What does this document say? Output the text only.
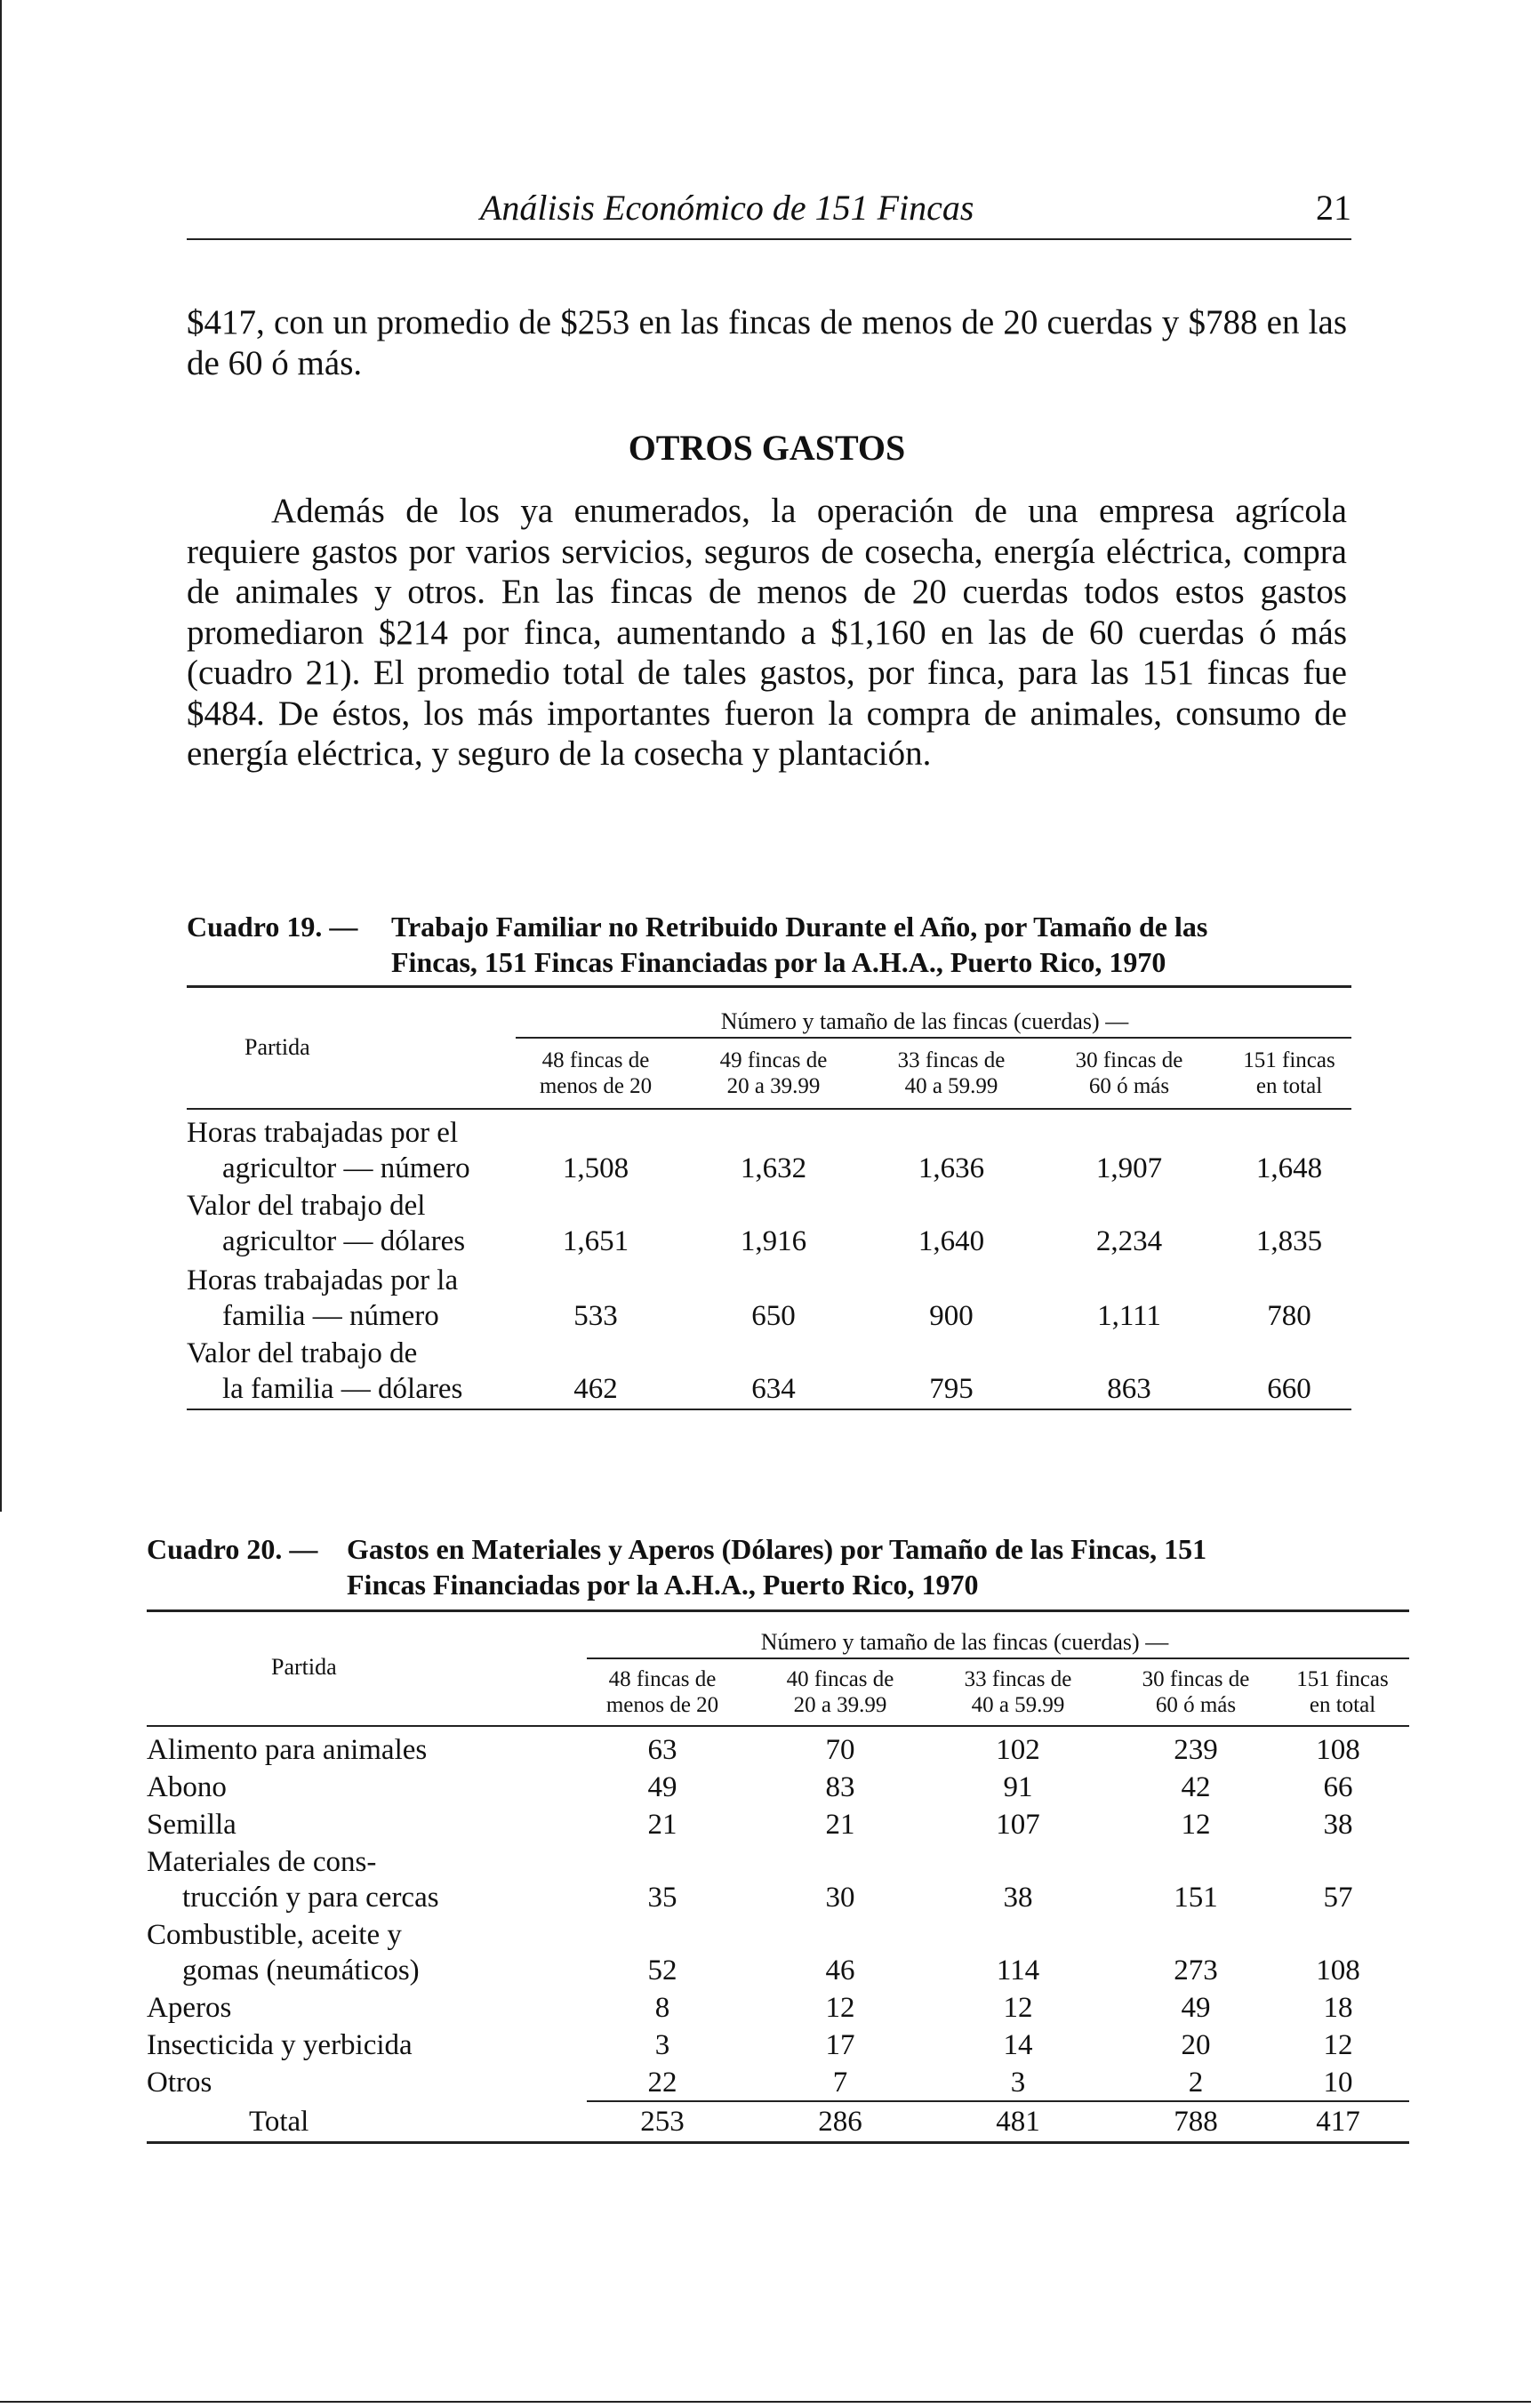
Análisis Económico de 151 Fincas	21

$417, con un promedio de $253 en las fincas de menos de 20 cuerdas y $788 en las de 60 ó más.

OTROS GASTOS

Además de los ya enumerados, la operación de una empresa agrícola requiere gastos por varios servicios, seguros de cosecha, energía eléctrica, compra de animales y otros. En las fincas de menos de 20 cuerdas todos estos gastos promediaron $214 por finca, aumentando a $1,160 en las de 60 cuerdas ó más (cuadro 21). El promedio total de tales gastos, por finca, para las 151 fincas fue $484. De éstos, los más importantes fueron la compra de animales, consumo de energía eléctrica, y seguro de la cosecha y plantación.

Cuadro 19. — Trabajo Familiar no Retribuido Durante el Año, por Tamaño de las
Fincas, 151 Fincas Financiadas por la A.H.A., Puerto Rico, 1970
Partida
Número y tamaño de las fincas (cuerdas) —
48 fincas de
menos de 20
49 fincas de
20 a 39.99
33 fincas de
40 a 59.99
30 fincas de
60 ó más
151 fincas
en total
Horas trabajadas por el
agricultor — número	1,508	1,632	1,636	1,907	1,648
Valor del trabajo del
agricultor — dólares	1,651	1,916	1,640	2,234	1,835
Horas trabajadas por la
familia — número	533	650	900	1,111	780
Valor del trabajo de
la familia — dólares	462	634	795	863	660
Cuadro 20. — Gastos en Materiales y Aperos (Dólares) por Tamaño de las Fincas, 151
Fincas Financiadas por la A.H.A., Puerto Rico, 1970
Partida
Número y tamaño de las fincas (cuerdas) —
48 fincas de
menos de 20
40 fincas de
20 a 39.99
33 fincas de
40 a 59.99
30 fincas de
60 ó más
151 fincas
en total
Alimento para animales	63	70	102	239	108
Abono	49	83	91	42	66
Semilla	21	21	107	12	38
Materiales de cons-
trucción y para cercas	35	30	38	151	57
Combustible, aceite y
gomas (neumáticos)	52	46	114	273	108
Aperos	8	12	12	49	18
Insecticida y yerbicida	3	17	14	20	12
Otros	22	7	3	2	10
Total	253	286	481	788	417
